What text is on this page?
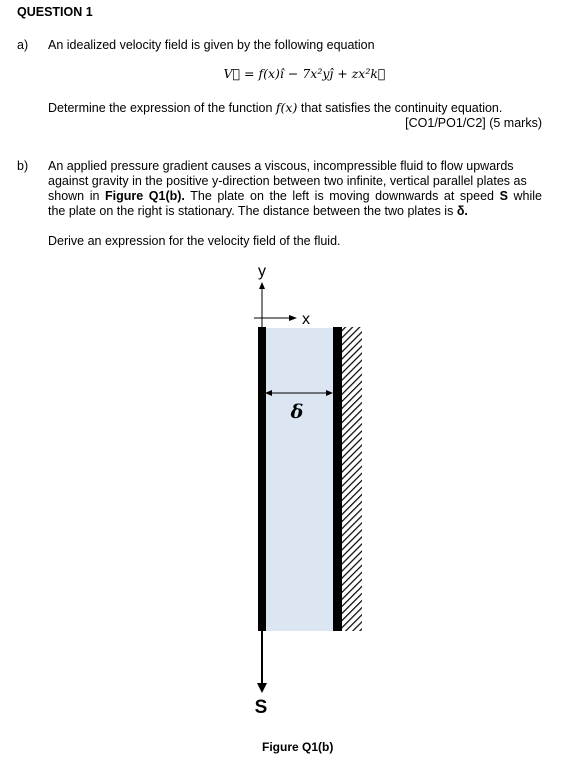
QUESTION 1
a) An idealized velocity field is given by the following equation
V⃗ = f(x)î − 7x²yĵ + zx²k⃗
Determine the expression of the function f(x) that satisfies the continuity equation.
[CO1/PO1/C2] (5 marks)
b) An applied pressure gradient causes a viscous, incompressible fluid to flow upwards
against gravity in the positive y-direction between two infinite, vertical parallel plates as
shown in Figure Q1(b). The plate on the left is moving downwards at speed S while
the plate on the right is stationary. The distance between the two plates is δ.
Derive an expression for the velocity field of the fluid.
y
x
δ
S
Figure Q1(b)
